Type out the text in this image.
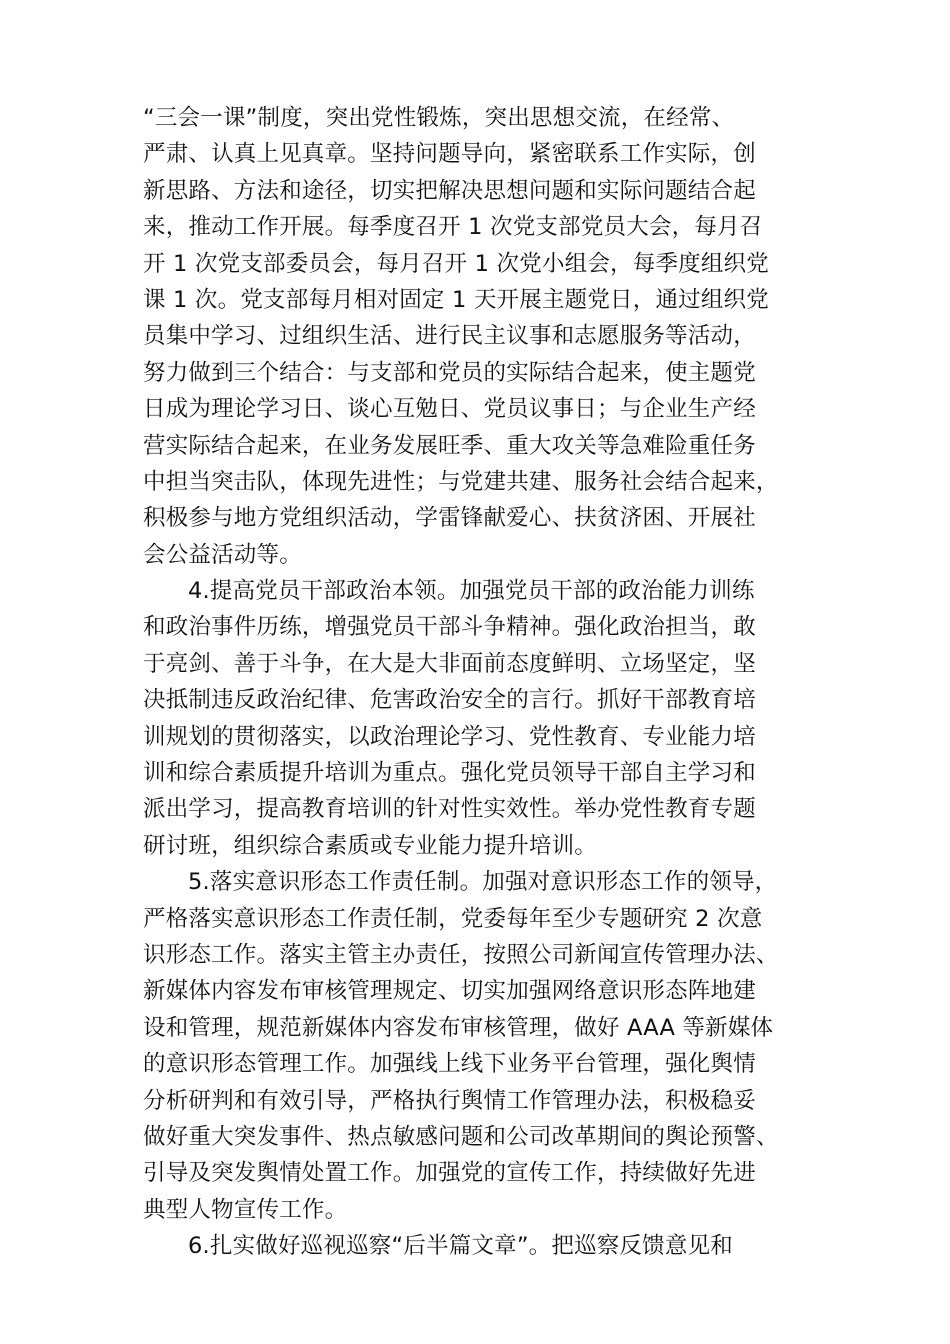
“三会一课”制度，突出党性锻炼，突出思想交流，在经常、
严肃、认真上见真章。坚持问题导向，紧密联系工作实际，创
新思路、方法和途径，切实把解决思想问题和实际问题结合起
来，推动工作开展。每季度召开 1 次党支部党员大会，每月召
开 1 次党支部委员会，每月召开 1 次党小组会，每季度组织党
课 1 次。党支部每月相对固定 1 天开展主题党日，通过组织党
员集中学习、过组织生活、进行民主议事和志愿服务等活动，
努力做到三个结合：与支部和党员的实际结合起来，使主题党
日成为理论学习日、谈心互勉日、党员议事日；与企业生产经
营实际结合起来，在业务发展旺季、重大攻关等急难险重任务
中担当突击队，体现先进性；与党建共建、服务社会结合起来，
积极参与地方党组织活动，学雷锋献爱心、扶贫济困、开展社
会公益活动等。
4.提高党员干部政治本领。加强党员干部的政治能力训练
和政治事件历练，增强党员干部斗争精神。强化政治担当，敢
于亮剑、善于斗争，在大是大非面前态度鲜明、立场坚定，坚
决抵制违反政治纪律、危害政治安全的言行。抓好干部教育培
训规划的贯彻落实，以政治理论学习、党性教育、专业能力培
训和综合素质提升培训为重点。强化党员领导干部自主学习和
派出学习，提高教育培训的针对性实效性。举办党性教育专题
研讨班，组织综合素质或专业能力提升培训。
5.落实意识形态工作责任制。加强对意识形态工作的领导，
严格落实意识形态工作责任制，党委每年至少专题研究 2 次意
识形态工作。落实主管主办责任，按照公司新闻宣传管理办法、
新媒体内容发布审核管理规定、切实加强网络意识形态阵地建
设和管理，规范新媒体内容发布审核管理，做好 AAA 等新媒体
的意识形态管理工作。加强线上线下业务平台管理，强化舆情
分析研判和有效引导，严格执行舆情工作管理办法，积极稳妥
做好重大突发事件、热点敏感问题和公司改革期间的舆论预警、
引导及突发舆情处置工作。加强党的宣传工作，持续做好先进
典型人物宣传工作。
6.扎实做好巡视巡察“后半篇文章”。把巡察反馈意见和
